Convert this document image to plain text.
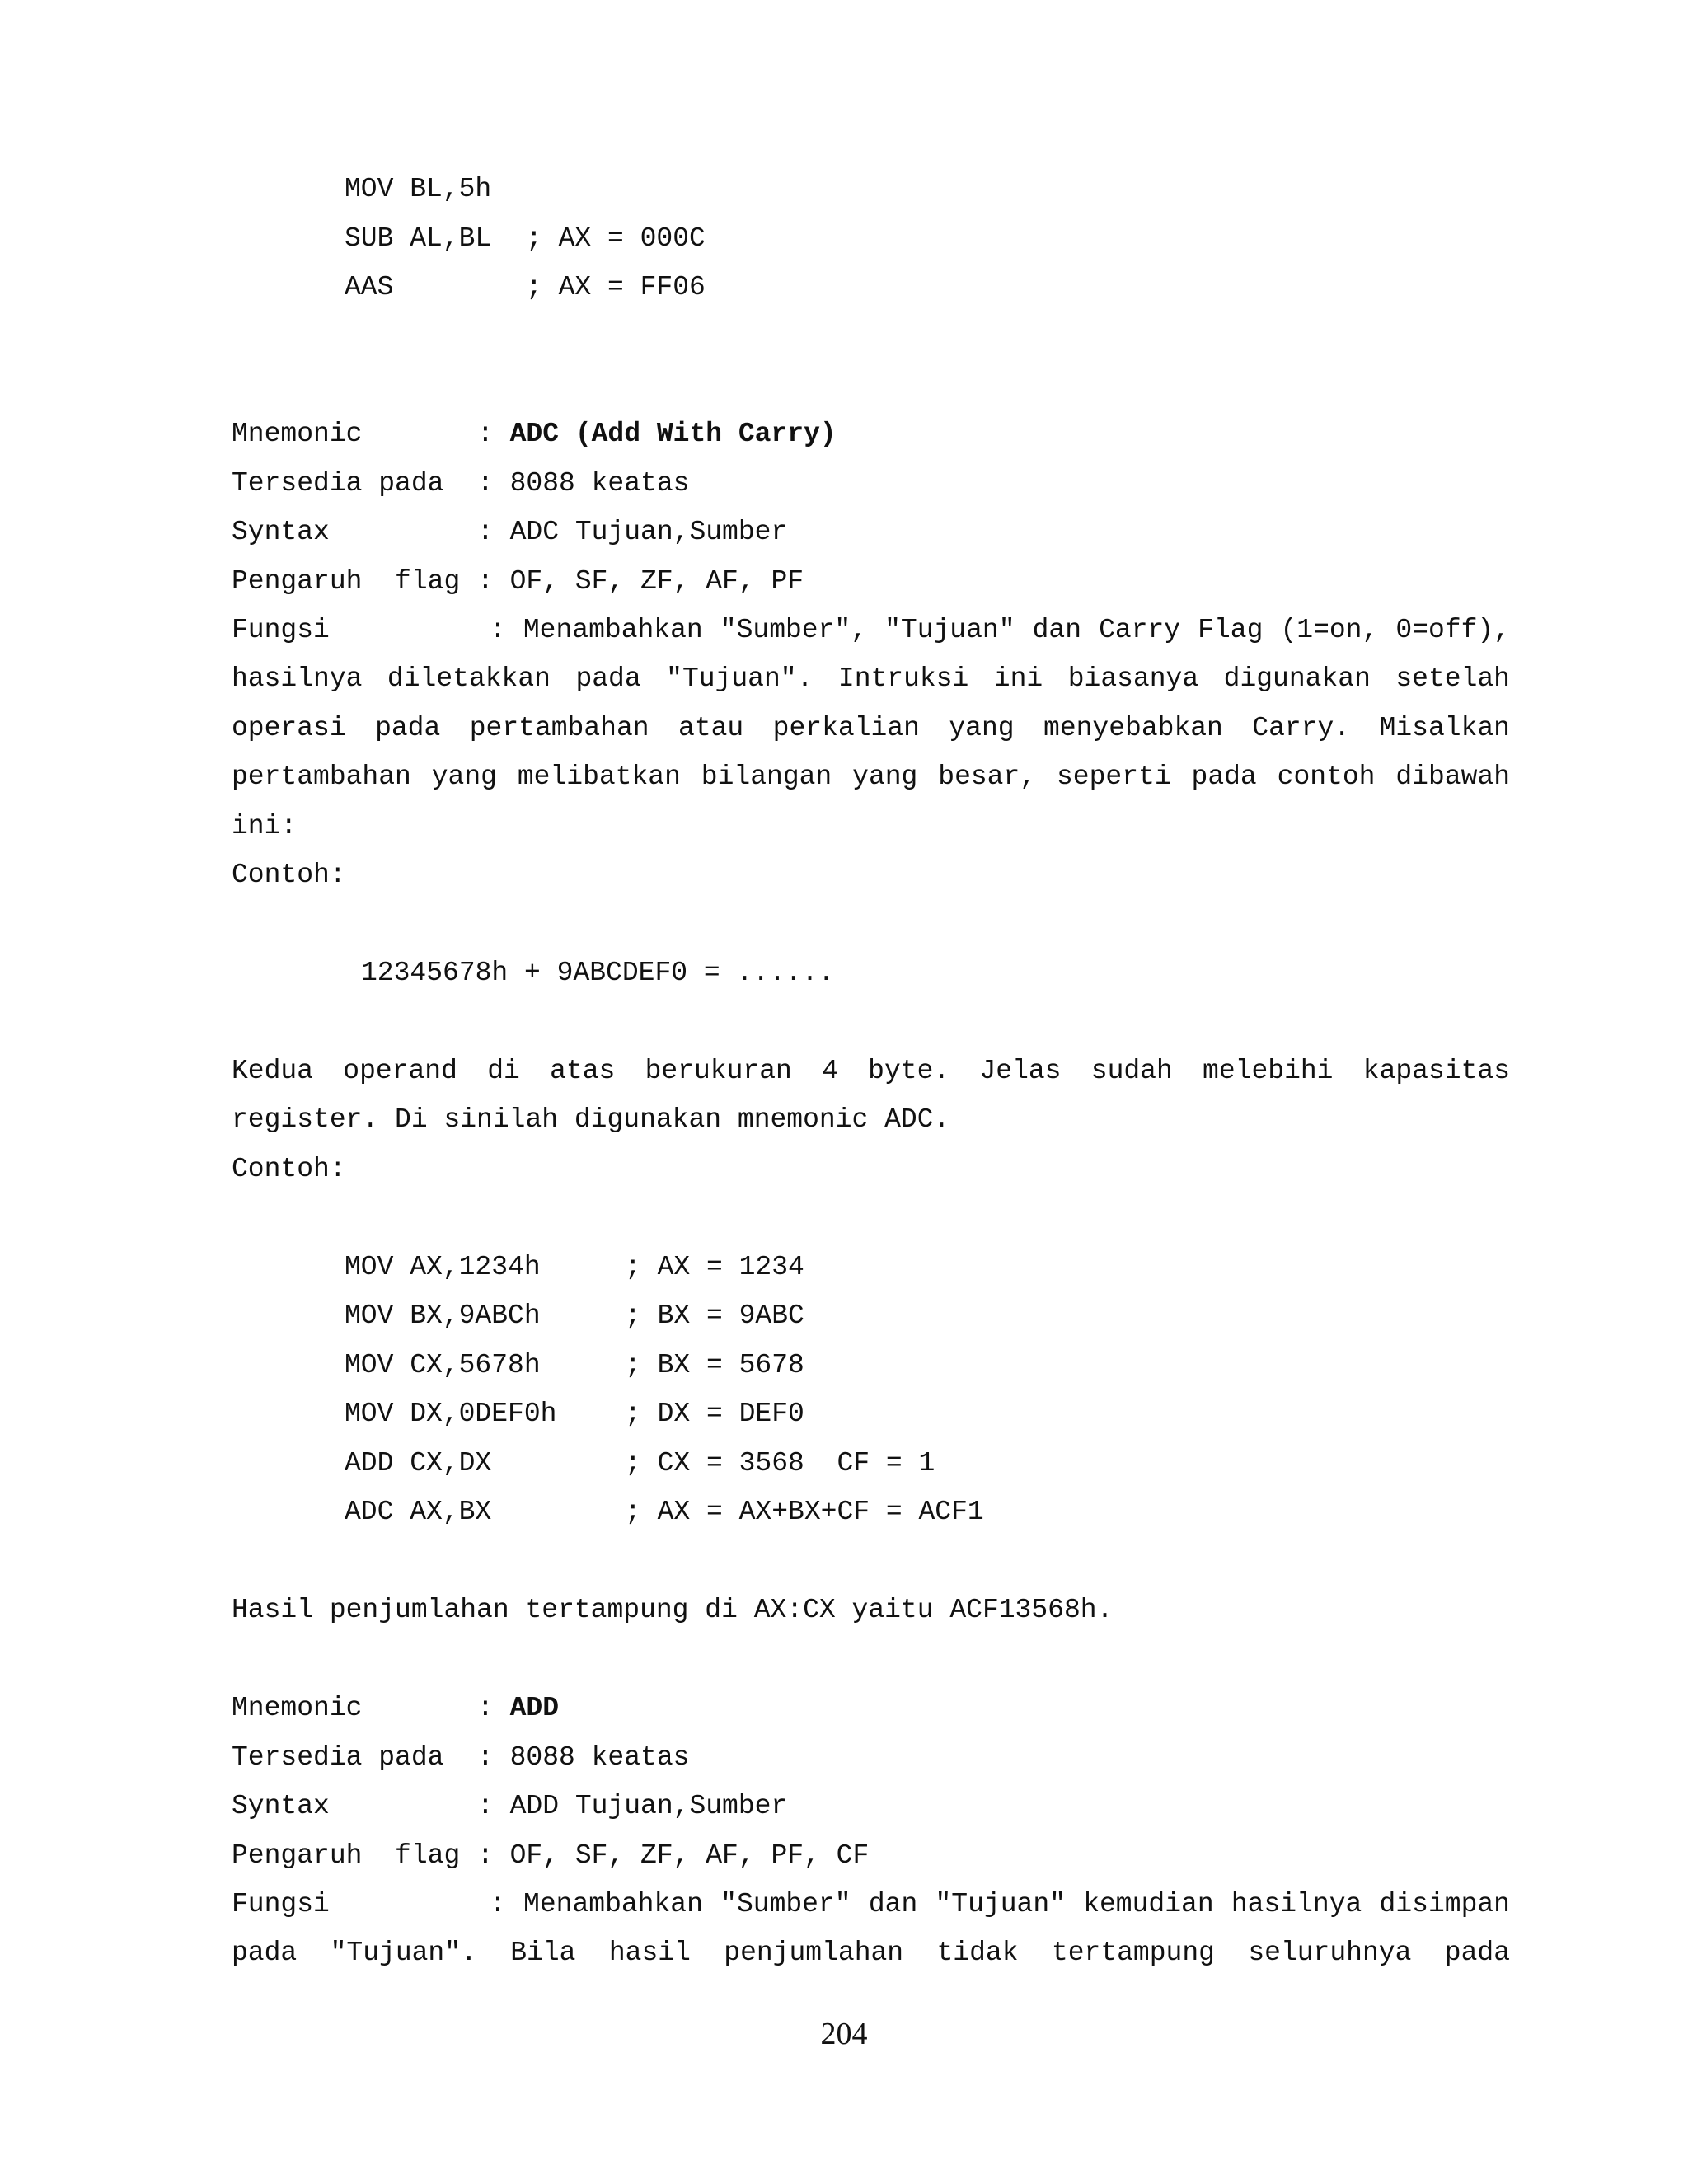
MOV BL,5h
SUB AL,BL ; AX = 000C
AAS	; AX = FF06
Mnemonic	: ADC (Add With Carry)
Tersedia pada : 8088 keatas
Syntax	: ADC Tujuan,Sumber
Pengaruh  flag : OF, SF, ZF, AF, PF
Fungsi	: Menambahkan "Sumber", "Tujuan" dan Carry Flag (1=on, 0=off),
hasilnya diletakkan pada "Tujuan". Intruksi ini biasanya digunakan setelah
operasi pada pertambahan atau perkalian yang menyebabkan Carry. Misalkan
pertambahan yang melibatkan bilangan yang besar, seperti pada contoh dibawah
ini:
Contoh:
12345678h + 9ABCDEF0 = ......
Kedua operand di atas berukuran 4 byte. Jelas sudah melebihi kapasitas
register. Di sinilah digunakan mnemonic ADC.
Contoh:
MOV AX,1234h	; AX = 1234
MOV BX,9ABCh	; BX = 9ABC
MOV CX,5678h	; BX = 5678
MOV DX,0DEF0h	; DX = DEF0
ADD CX,DX	; CX = 3568  CF = 1
ADC AX,BX	; AX = AX+BX+CF = ACF1
Hasil penjumlahan tertampung di AX:CX yaitu ACF13568h.
Mnemonic	: ADD
Tersedia pada : 8088 keatas
Syntax	: ADD Tujuan,Sumber
Pengaruh  flag : OF, SF, ZF, AF, PF, CF
Fungsi	: Menambahkan "Sumber" dan "Tujuan" kemudian hasilnya disimpan
pada "Tujuan". Bila hasil penjumlahan tidak tertampung seluruhnya pada
204
